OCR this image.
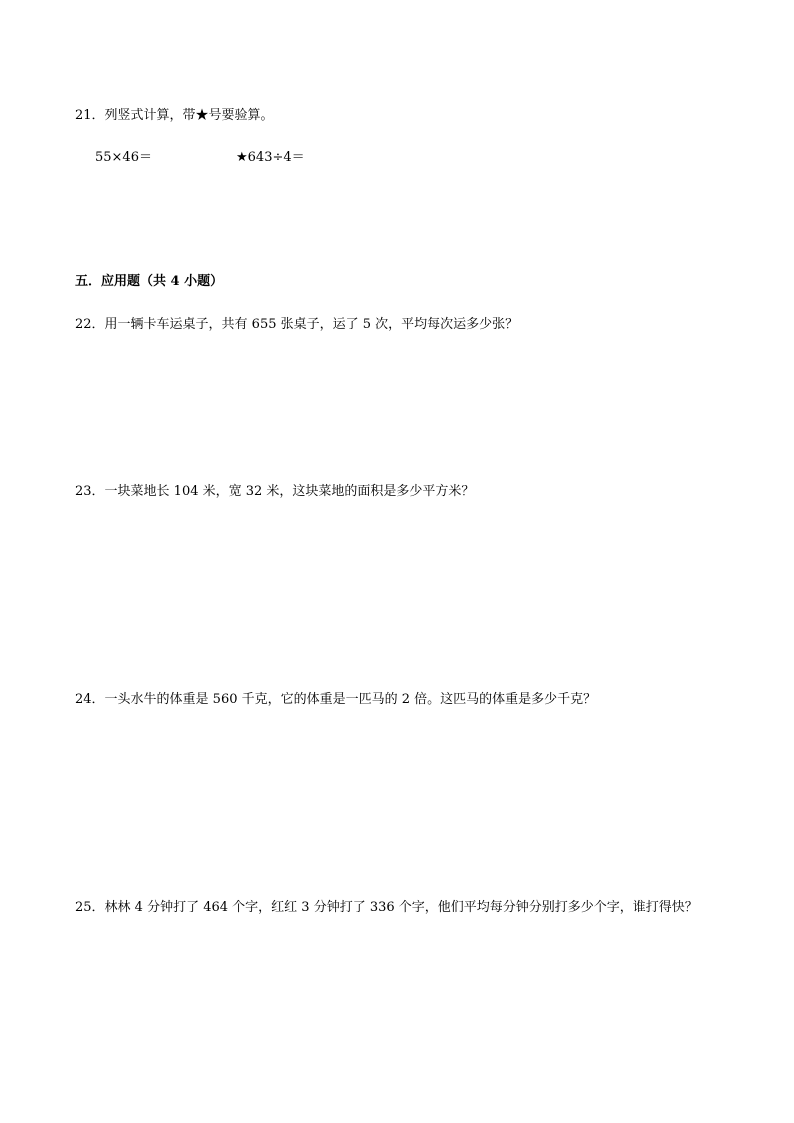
21．列竖式计算，带★号要验算。
55×46＝	★643÷4＝
五．应用题（共 4 小题）
22．用一辆卡车运桌子，共有 655 张桌子，运了 5 次，平均每次运多少张？
23．一块菜地长 104 米，宽 32 米，这块菜地的面积是多少平方米？
24．一头水牛的体重是 560 千克，它的体重是一匹马的 2 倍。这匹马的体重是多少千克？
25．林林 4 分钟打了 464 个字，红红 3 分钟打了 336 个字，他们平均每分钟分别打多少个字，谁打得快？
